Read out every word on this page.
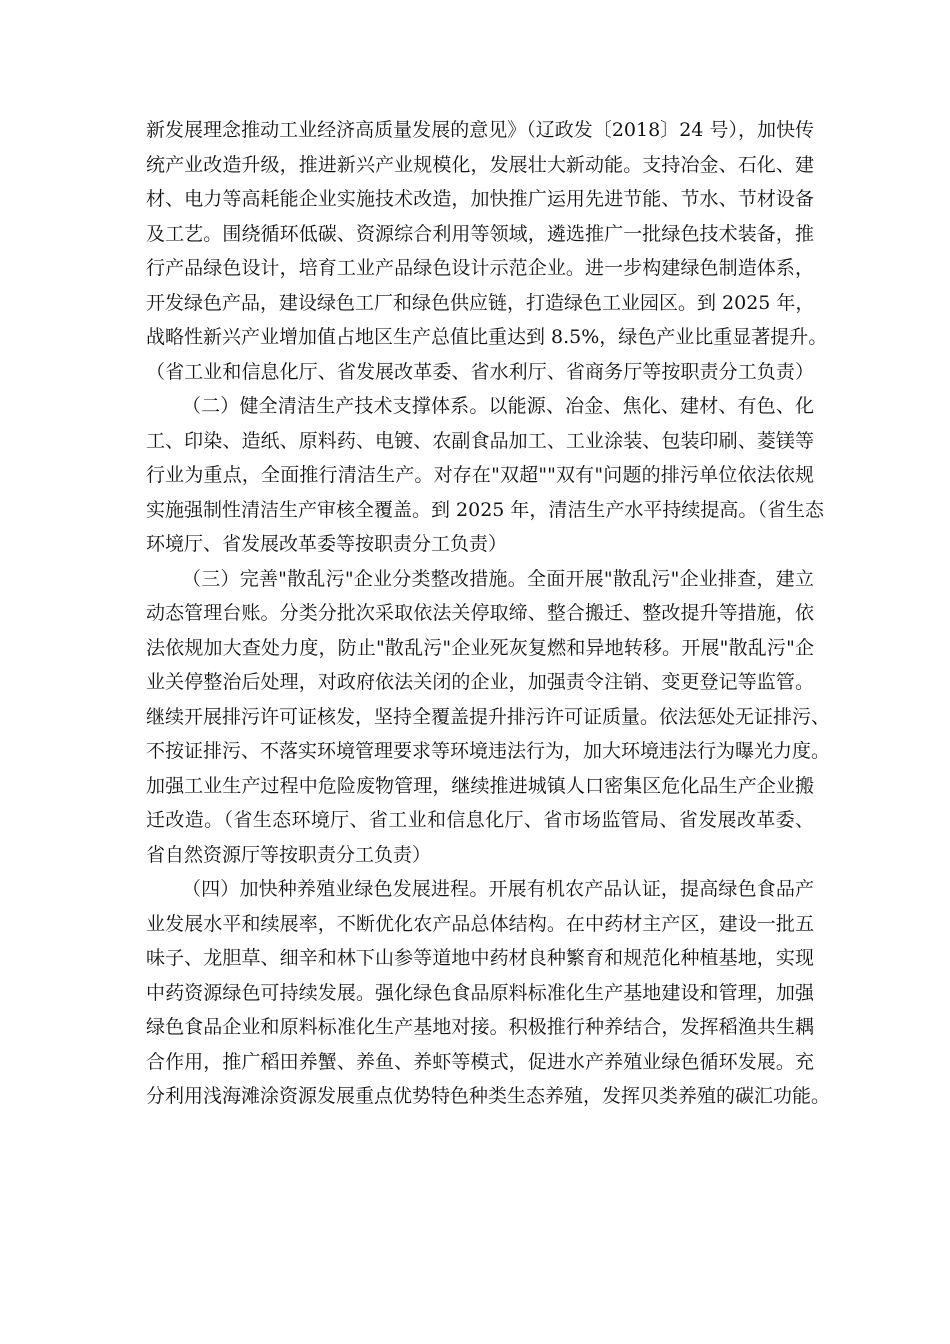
新发展理念推动工业经济高质量发展的意见》（辽政发〔2018〕24 号），加快传
统产业改造升级，推进新兴产业规模化，发展壮大新动能。支持冶金、石化、建
材、电力等高耗能企业实施技术改造，加快推广运用先进节能、节水、节材设备
及工艺。围绕循环低碳、资源综合利用等领域，遴选推广一批绿色技术装备，推
行产品绿色设计，培育工业产品绿色设计示范企业。进一步构建绿色制造体系，
开发绿色产品，建设绿色工厂和绿色供应链，打造绿色工业园区。到 2025 年，
战略性新兴产业增加值占地区生产总值比重达到 8.5%，绿色产业比重显著提升。
（省工业和信息化厅、省发展改革委、省水利厅、省商务厅等按职责分工负责）
（二）健全清洁生产技术支撑体系。以能源、冶金、焦化、建材、有色、化
工、印染、造纸、原料药、电镀、农副食品加工、工业涂装、包装印刷、菱镁等
行业为重点，全面推行清洁生产。对存在"双超""双有"问题的排污单位依法依规
实施强制性清洁生产审核全覆盖。到 2025 年，清洁生产水平持续提高。（省生态
环境厅、省发展改革委等按职责分工负责）
（三）完善"散乱污"企业分类整改措施。全面开展"散乱污"企业排查，建立
动态管理台账。分类分批次采取依法关停取缔、整合搬迁、整改提升等措施，依
法依规加大查处力度，防止"散乱污"企业死灰复燃和异地转移。开展"散乱污"企
业关停整治后处理，对政府依法关闭的企业，加强责令注销、变更登记等监管。
继续开展排污许可证核发，坚持全覆盖提升排污许可证质量。依法惩处无证排污、
不按证排污、不落实环境管理要求等环境违法行为，加大环境违法行为曝光力度。
加强工业生产过程中危险废物管理，继续推进城镇人口密集区危化品生产企业搬
迁改造。（省生态环境厅、省工业和信息化厅、省市场监管局、省发展改革委、
省自然资源厅等按职责分工负责）
（四）加快种养殖业绿色发展进程。开展有机农产品认证，提高绿色食品产
业发展水平和续展率，不断优化农产品总体结构。在中药材主产区，建设一批五
味子、龙胆草、细辛和林下山参等道地中药材良种繁育和规范化种植基地，实现
中药资源绿色可持续发展。强化绿色食品原料标准化生产基地建设和管理，加强
绿色食品企业和原料标准化生产基地对接。积极推行种养结合，发挥稻渔共生耦
合作用，推广稻田养蟹、养鱼、养虾等模式，促进水产养殖业绿色循环发展。充
分利用浅海滩涂资源发展重点优势特色种类生态养殖，发挥贝类养殖的碳汇功能。
